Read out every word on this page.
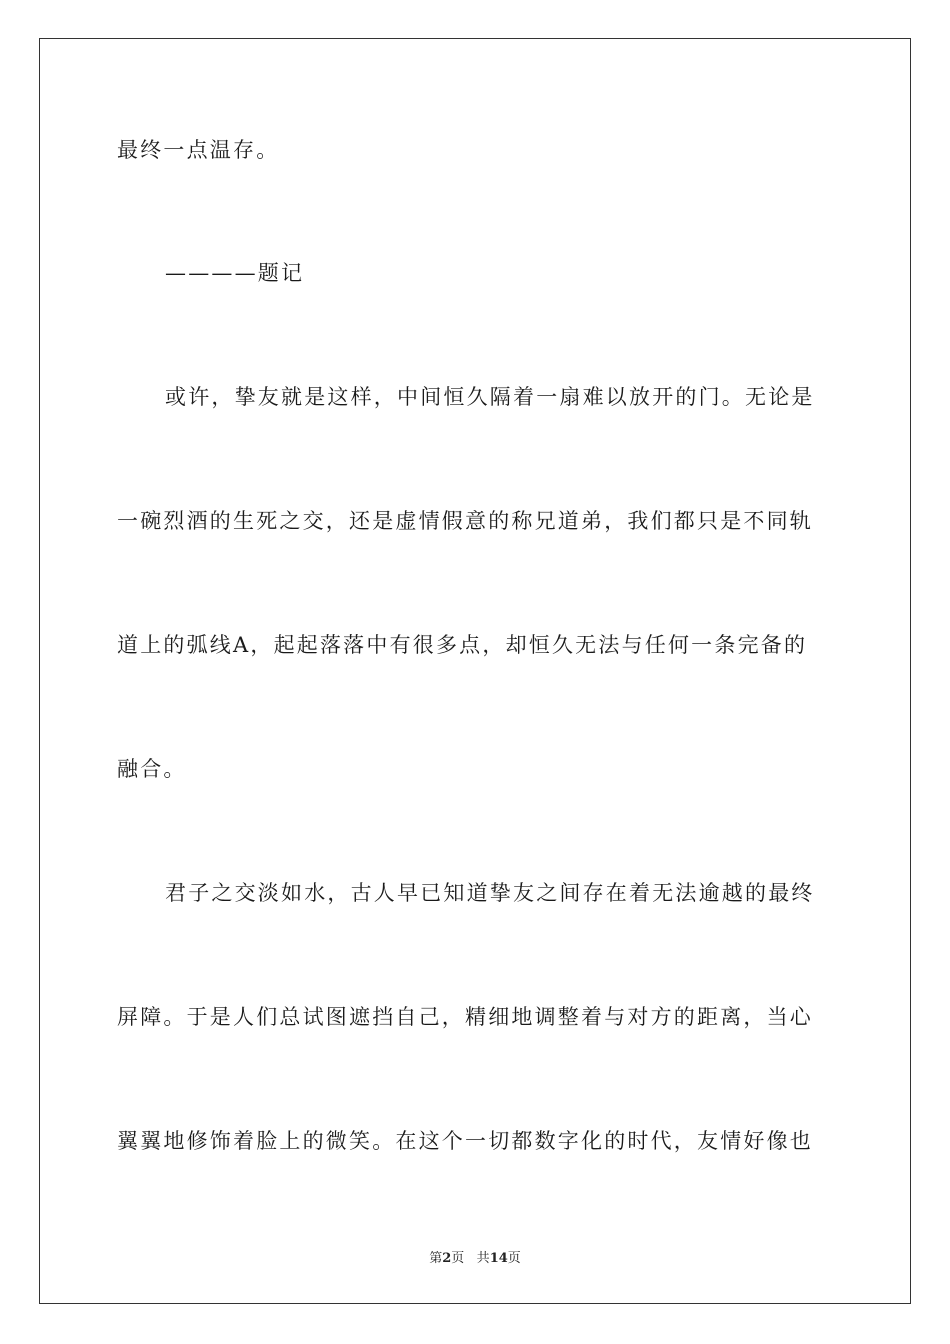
最终一点温存。
————题记
或许，挚友就是这样，中间恒久隔着一扇难以放开的门。无论是
一碗烈酒的生死之交，还是虚情假意的称兄道弟，我们都只是不同轨
道上的弧线A，起起落落中有很多点，却恒久无法与任何一条完备的
融合。
君子之交淡如水，古人早已知道挚友之间存在着无法逾越的最终
屏障。于是人们总试图遮挡自己，精细地调整着与对方的距离，当心
翼翼地修饰着脸上的微笑。在这个一切都数字化的时代，友情好像也
第2页 共14页
